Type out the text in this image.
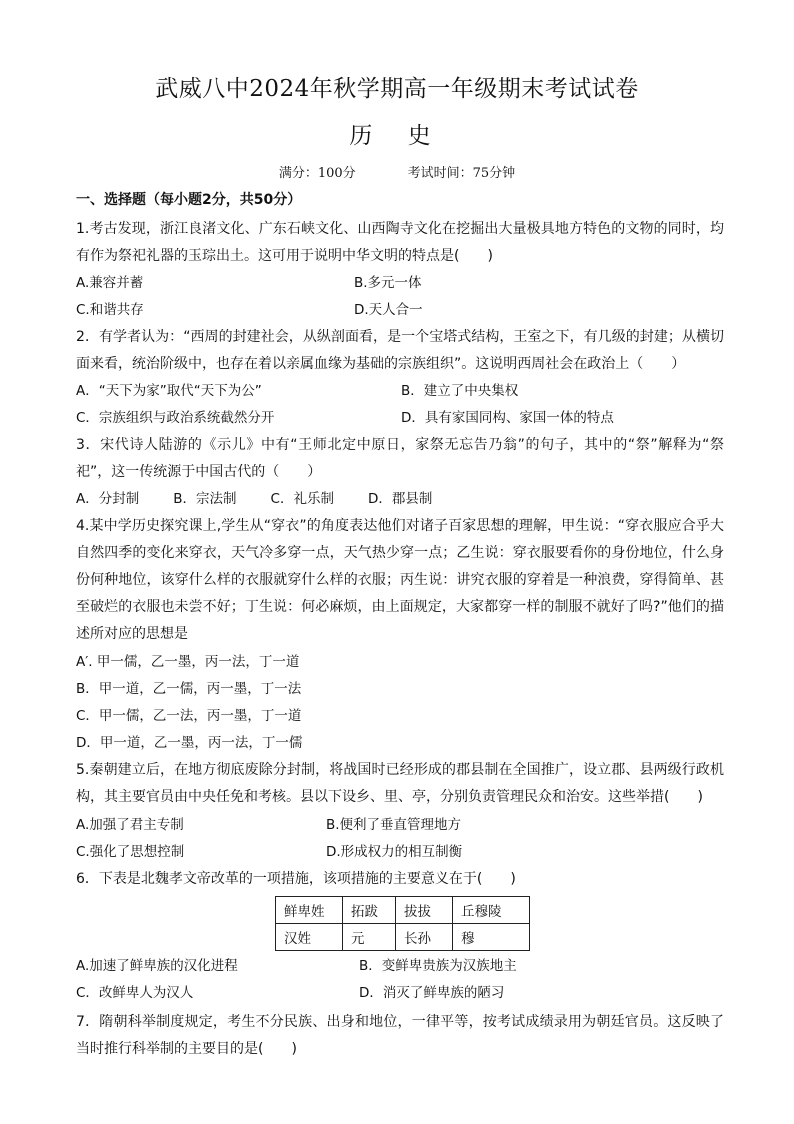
武威八中2024年秋学期高一年级期末考试试卷
历 史
满分：100分	考试时间：75分钟
一、选择题（每小题2分，共50分）
1.考古发现，浙江良渚文化、广东石峡文化、山西陶寺文化在挖掘出大量极具地方特色的文物的同时，均有作为祭祀礼器的玉琮出土。这可用于说明中华文明的特点是(　　)
A.兼容并蓄	B.多元一体
C.和谐共存	D.天人合一
2．有学者认为：“西周的封建社会，从纵剖面看，是一个宝塔式结构，王室之下，有几级的封建；从横切面来看，统治阶级中，也存在着以亲属血缘为基础的宗族组织”。这说明西周社会在政治上（　　）
A．“天下为家”取代“天下为公”	B．建立了中央集权
C．宗族组织与政治系统截然分开	D．具有家国同构、家国一体的特点
3．宋代诗人陆游的《示儿》中有“王师北定中原日，家祭无忘告乃翁”的句子，其中的“祭”解释为“祭祀”，这一传统源于中国古代的（　　）
A．分封制	B．宗法制	C．礼乐制	D．郡县制
4.某中学历史探究课上,学生从“穿衣”的角度表达他们对诸子百家思想的理解，甲生说：“穿衣服应合乎大自然四季的变化来穿衣，天气冷多穿一点，天气热少穿一点；乙生说：穿衣服要看你的身份地位，什么身份何种地位，该穿什么样的衣服就穿什么样的衣服；丙生说：讲究衣服的穿着是一种浪费，穿得简单、甚至破烂的衣服也未尝不好；丁生说：何必麻烦，由上面规定，大家都穿一样的制服不就好了吗?”他们的描述所对应的思想是
A′. 甲一儒，乙一墨，丙一法，丁一道
B．甲一道，乙一儒，丙一墨，丁一法
C．甲一儒，乙一法，丙一墨，丁一道
D．甲一道，乙一墨，丙一法，丁一儒
5.秦朝建立后，在地方彻底废除分封制，将战国时已经形成的郡县制在全国推广，设立郡、县两级行政机构，其主要官员由中央任免和考核。县以下设乡、里、亭，分别负责管理民众和治安。这些举措(　　)
A.加强了君主专制	B.便利了垂直管理地方
C.强化了思想控制	D.形成权力的相互制衡
6．下表是北魏孝文帝改革的一项措施，该项措施的主要意义在于(　　)
鲜卑姓	拓跋	拔拔	丘穆陵
汉姓	元	长孙	穆
A.加速了鲜卑族的汉化进程	B．变鲜卑贵族为汉族地主
C．改鲜卑人为汉人	D．消灭了鲜卑族的陋习
7．隋朝科举制度规定，考生不分民族、出身和地位，一律平等，按考试成绩录用为朝廷官员。这反映了当时推行科举制的主要目的是(　　)
